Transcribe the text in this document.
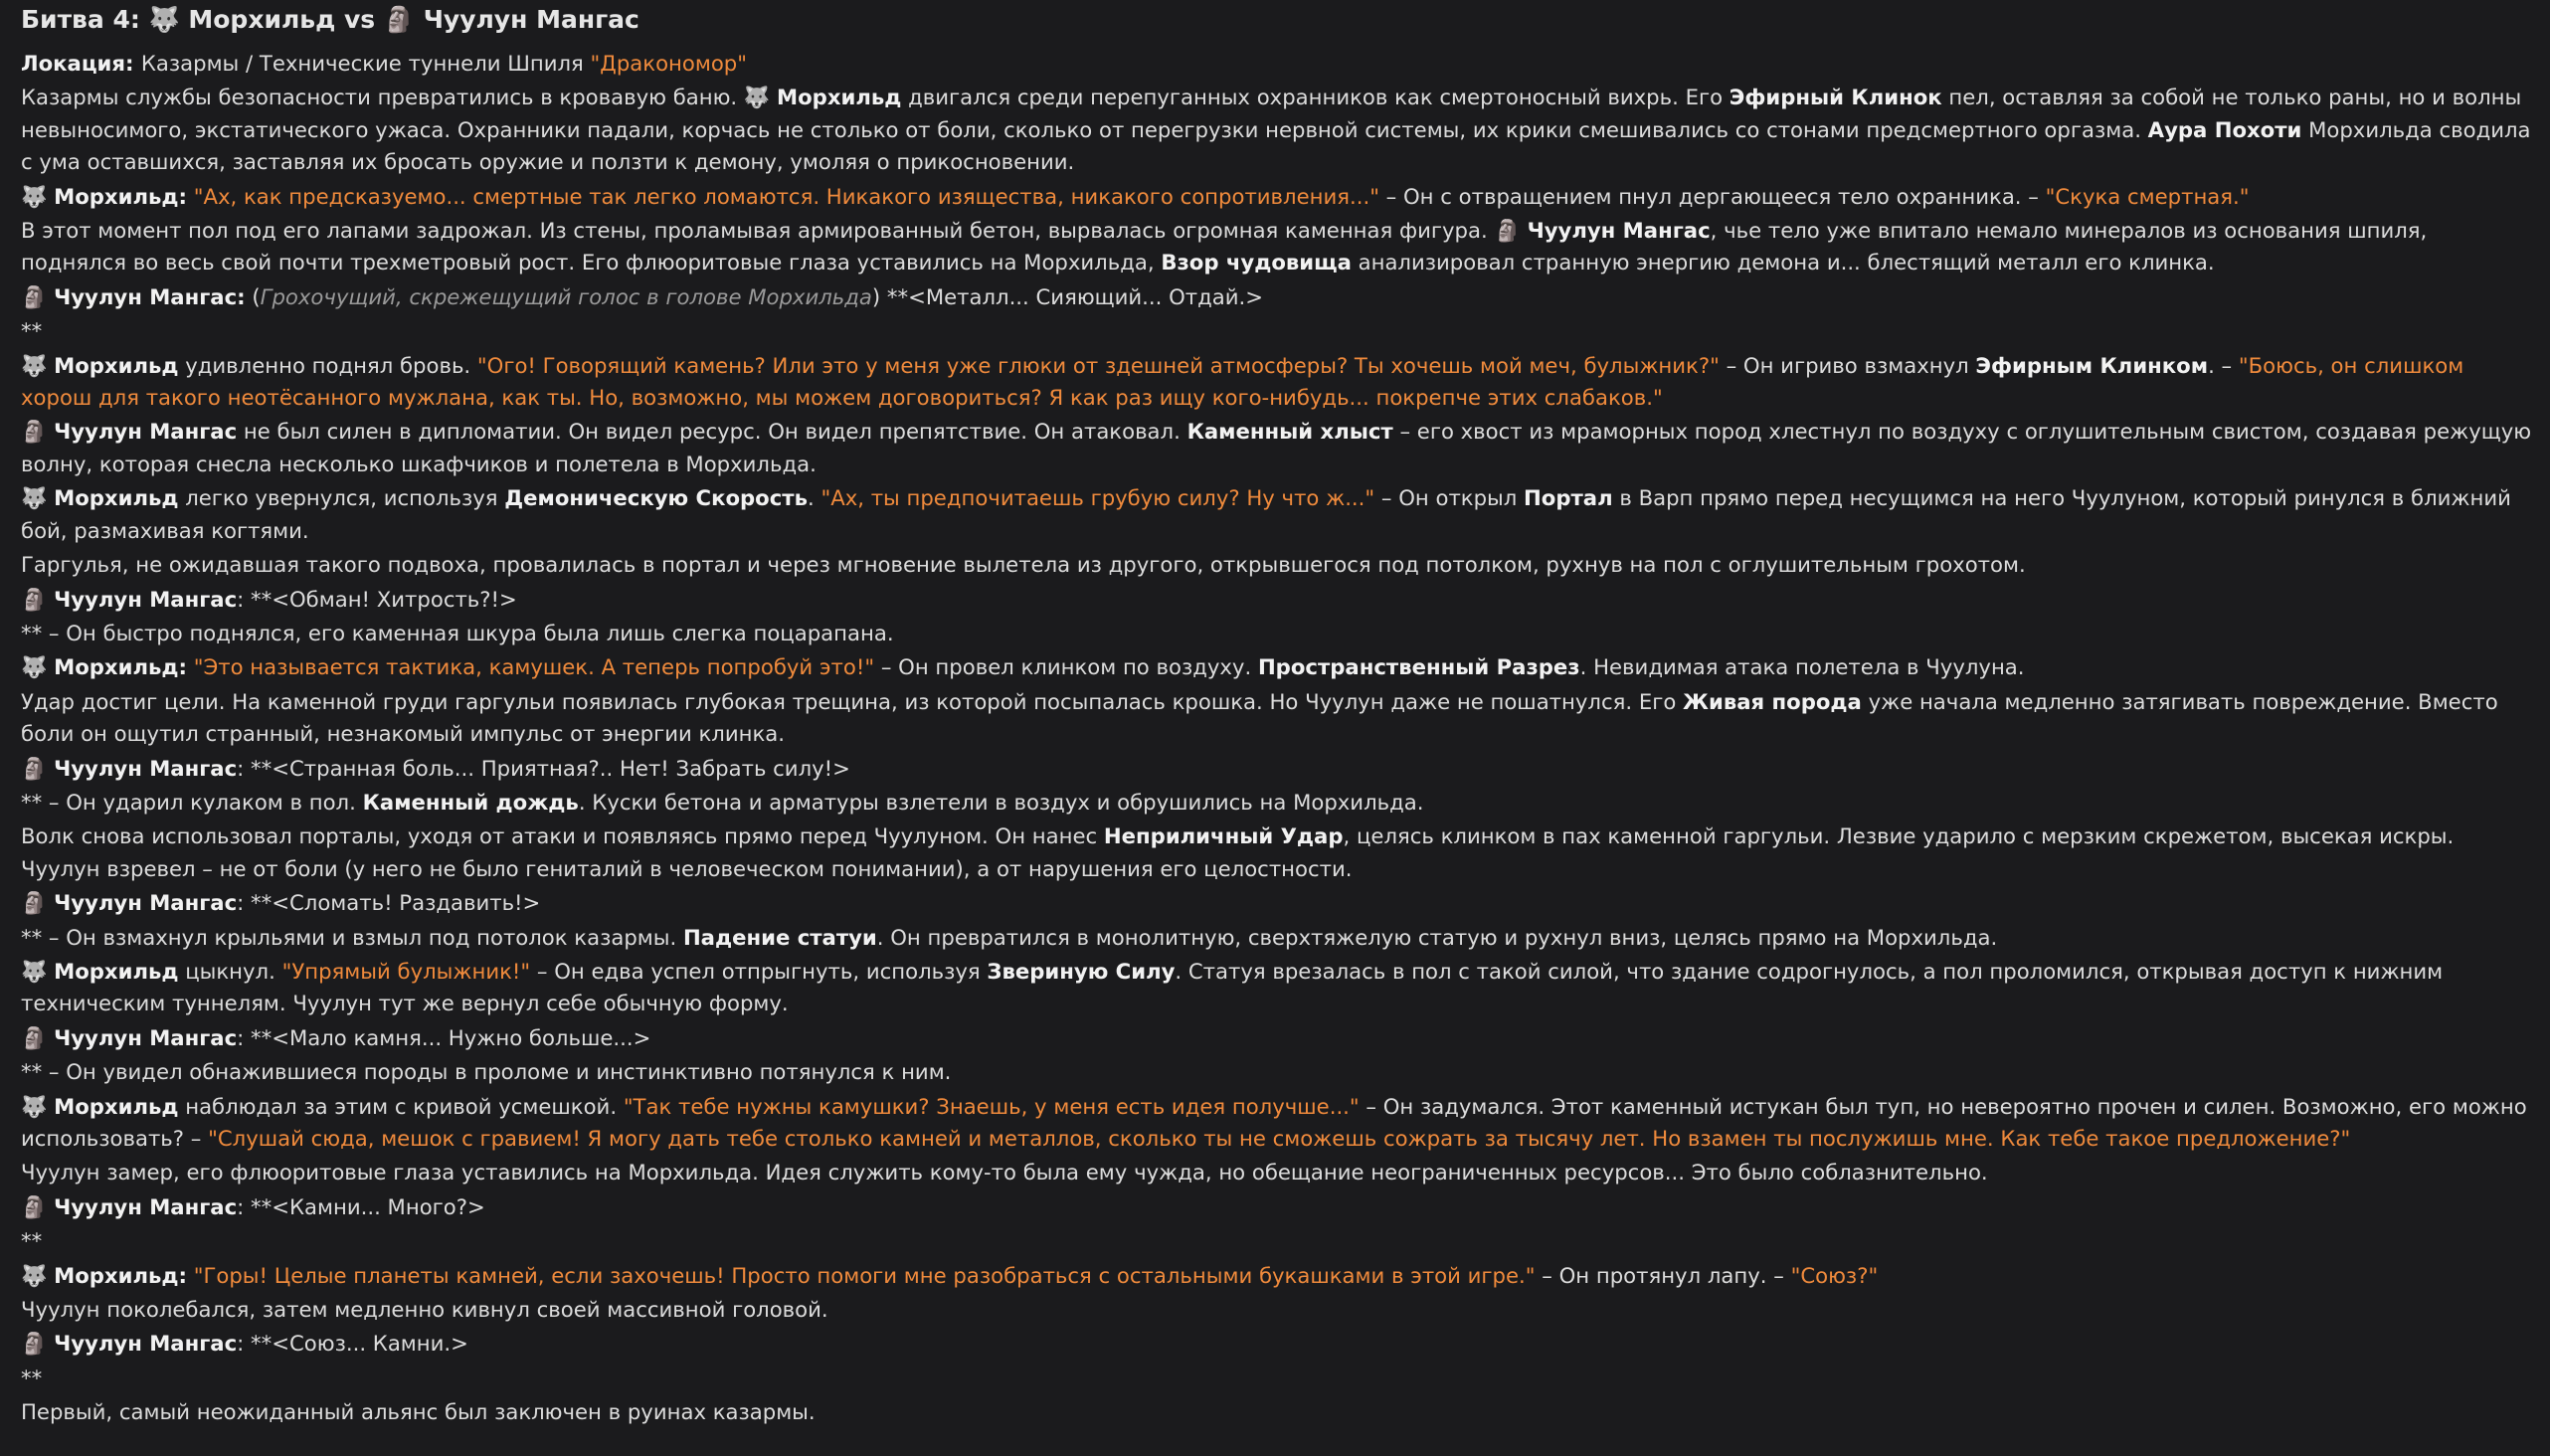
Битва 4: 🐺 Морхильд vs 🗿 Чуулун Мангас
Локация: Казармы / Технические туннели Шпиля "Дракономор"
Казармы службы безопасности превратились в кровавую баню. 🐺 Морхильд двигался среди перепуганных охранников как смертоносный вихрь. Его Эфирный Клинок пел, оставляя за собой не только раны, но и волны невыносимого, экстатического ужаса. Охранники падали, корчась не столько от боли, сколько от перегрузки нервной системы, их крики смешивались со стонами предсмертного оргазма. Аура Похоти Морхильда сводила с ума оставшихся, заставляя их бросать оружие и ползти к демону, умоляя о прикосновении.
🐺 Морхильд: "Ах, как предсказуемо... смертные так легко ломаются. Никакого изящества, никакого сопротивления..." – Он с отвращением пнул дергающееся тело охранника. – "Скука смертная."
В этот момент пол под его лапами задрожал. Из стены, проламывая армированный бетон, вырвалась огромная каменная фигура. 🗿 Чуулун Мангас, чье тело уже впитало немало минералов из основания шпиля, поднялся во весь свой почти трехметровый рост. Его флюоритовые глаза уставились на Морхильда, Взор чудовища анализировал странную энергию демона и... блестящий металл его клинка.
🗿 Чуулун Мангас: (Грохочущий, скрежещущий голос в голове Морхильда) **<Металл... Сияющий... Отдай.>
**
🐺 Морхильд удивленно поднял бровь. "Ого! Говорящий камень? Или это у меня уже глюки от здешней атмосферы? Ты хочешь мой меч, булыжник?" – Он игриво взмахнул Эфирным Клинком. – "Боюсь, он слишком хорош для такого неотёсанного мужлана, как ты. Но, возможно, мы можем договориться? Я как раз ищу кого-нибудь... покрепче этих слабаков."
🗿 Чуулун Мангас не был силен в дипломатии. Он видел ресурс. Он видел препятствие. Он атаковал. Каменный хлыст – его хвост из мраморных пород хлестнул по воздуху с оглушительным свистом, создавая режущую волну, которая снесла несколько шкафчиков и полетела в Морхильда.
🐺 Морхильд легко увернулся, используя Демоническую Скорость. "Ах, ты предпочитаешь грубую силу? Ну что ж..." – Он открыл Портал в Варп прямо перед несущимся на него Чуулуном, который ринулся в ближний бой, размахивая когтями.
Гаргулья, не ожидавшая такого подвоха, провалилась в портал и через мгновение вылетела из другого, открывшегося под потолком, рухнув на пол с оглушительным грохотом.
🗿 Чуулун Мангас: **<Обман! Хитрость?!>
** – Он быстро поднялся, его каменная шкура была лишь слегка поцарапана.
🐺 Морхильд: "Это называется тактика, камушек. А теперь попробуй это!" – Он провел клинком по воздуху. Пространственный Разрез. Невидимая атака полетела в Чуулуна.
Удар достиг цели. На каменной груди гаргульи появилась глубокая трещина, из которой посыпалась крошка. Но Чуулун даже не пошатнулся. Его Живая порода уже начала медленно затягивать повреждение. Вместо боли он ощутил странный, незнакомый импульс от энергии клинка.
🗿 Чуулун Мангас: **<Странная боль... Приятная?.. Нет! Забрать силу!>
** – Он ударил кулаком в пол. Каменный дождь. Куски бетона и арматуры взлетели в воздух и обрушились на Морхильда.
Волк снова использовал порталы, уходя от атаки и появляясь прямо перед Чуулуном. Он нанес Неприличный Удар, целясь клинком в пах каменной гаргульи. Лезвие ударило с мерзким скрежетом, высекая искры. Чуулун взревел – не от боли (у него не было гениталий в человеческом понимании), а от нарушения его целостности.
🗿 Чуулун Мангас: **<Сломать! Раздавить!>
** – Он взмахнул крыльями и взмыл под потолок казармы. Падение статуи. Он превратился в монолитную, сверхтяжелую статую и рухнул вниз, целясь прямо на Морхильда.
🐺 Морхильд цыкнул. "Упрямый булыжник!" – Он едва успел отпрыгнуть, используя Звериную Силу. Статуя врезалась в пол с такой силой, что здание содрогнулось, а пол проломился, открывая доступ к нижним техническим туннелям. Чуулун тут же вернул себе обычную форму.
🗿 Чуулун Мангас: **<Мало камня... Нужно больше...>
** – Он увидел обнажившиеся породы в проломе и инстинктивно потянулся к ним.
🐺 Морхильд наблюдал за этим с кривой усмешкой. "Так тебе нужны камушки? Знаешь, у меня есть идея получше..." – Он задумался. Этот каменный истукан был туп, но невероятно прочен и силен. Возможно, его можно использовать? – "Слушай сюда, мешок с гравием! Я могу дать тебе столько камней и металлов, сколько ты не сможешь сожрать за тысячу лет. Но взамен ты послужишь мне. Как тебе такое предложение?"
Чуулун замер, его флюоритовые глаза уставились на Морхильда. Идея служить кому-то была ему чужда, но обещание неограниченных ресурсов... Это было соблазнительно.
🗿 Чуулун Мангас: **<Камни... Много?>
**
🐺 Морхильд: "Горы! Целые планеты камней, если захочешь! Просто помоги мне разобраться с остальными букашками в этой игре." – Он протянул лапу. – "Союз?"
Чуулун поколебался, затем медленно кивнул своей массивной головой.
🗿 Чуулун Мангас: **<Союз... Камни.>
**
Первый, самый неожиданный альянс был заключен в руинах казармы.
